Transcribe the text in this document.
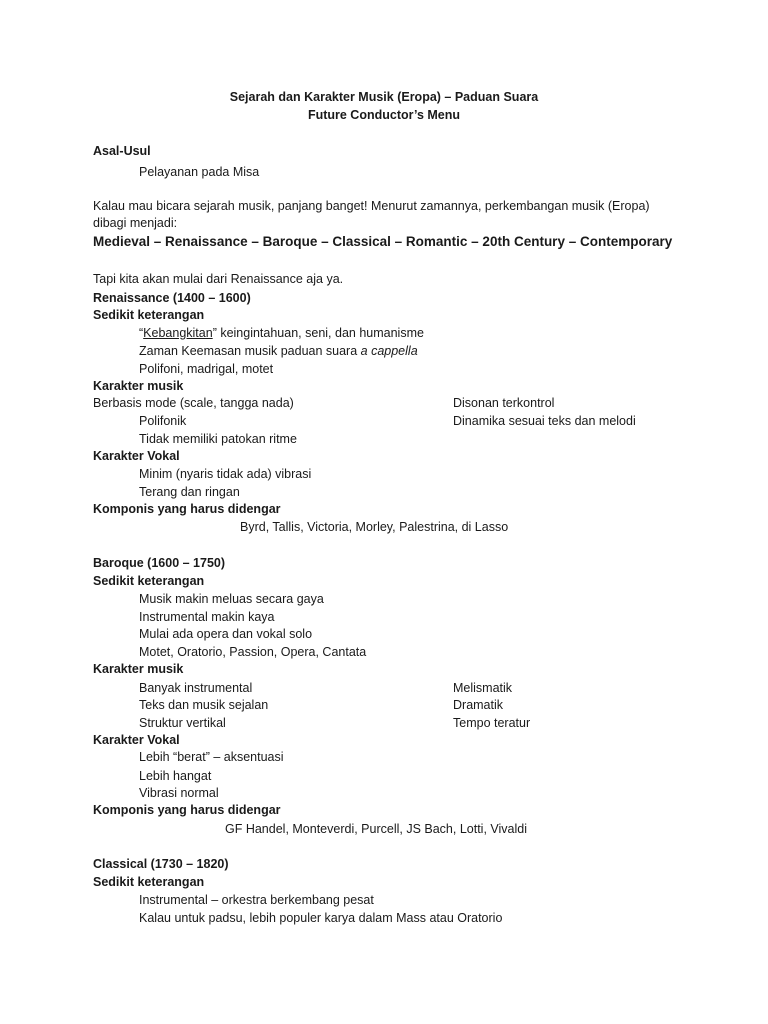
Sejarah dan Karakter Musik (Eropa) – Paduan Suara
Future Conductor’s Menu
Asal-Usul
Pelayanan pada Misa
Kalau mau bicara sejarah musik, panjang banget! Menurut zamannya, perkembangan musik (Eropa)
dibagi menjadi:
Medieval – Renaissance – Baroque – Classical – Romantic – 20th Century – Contemporary
Tapi kita akan mulai dari Renaissance aja ya.
Renaissance (1400 – 1600)
Sedikit keterangan
“Kebangkitan” keingintahuan, seni, dan humanisme
Zaman Keemasan musik paduan suara a cappella
Polifoni, madrigal, motet
Karakter musik
Berbasis mode (scale, tangga nada)
Polifonik
Tidak memiliki patokan ritme
Disonan terkontrol
Dinamika sesuai teks dan melodi
Karakter Vokal
Minim (nyaris tidak ada) vibrasi
Terang dan ringan
Komponis yang harus didengar
Byrd, Tallis, Victoria, Morley, Palestrina, di Lasso
Baroque (1600 – 1750)
Sedikit keterangan
Musik makin meluas secara gaya
Instrumental makin kaya
Mulai ada opera dan vokal solo
Motet, Oratorio, Passion, Opera, Cantata
Karakter musik
Banyak instrumental
Teks dan musik sejalan
Struktur vertikal
Melismatik
Dramatik
Tempo teratur
Karakter Vokal
Lebih “berat” – aksentuasi
Lebih hangat
Vibrasi normal
Komponis yang harus didengar
GF Handel, Monteverdi, Purcell, JS Bach, Lotti, Vivaldi
Classical (1730 – 1820)
Sedikit keterangan
Instrumental – orkestra berkembang pesat
Kalau untuk padsu, lebih populer karya dalam Mass atau Oratorio
